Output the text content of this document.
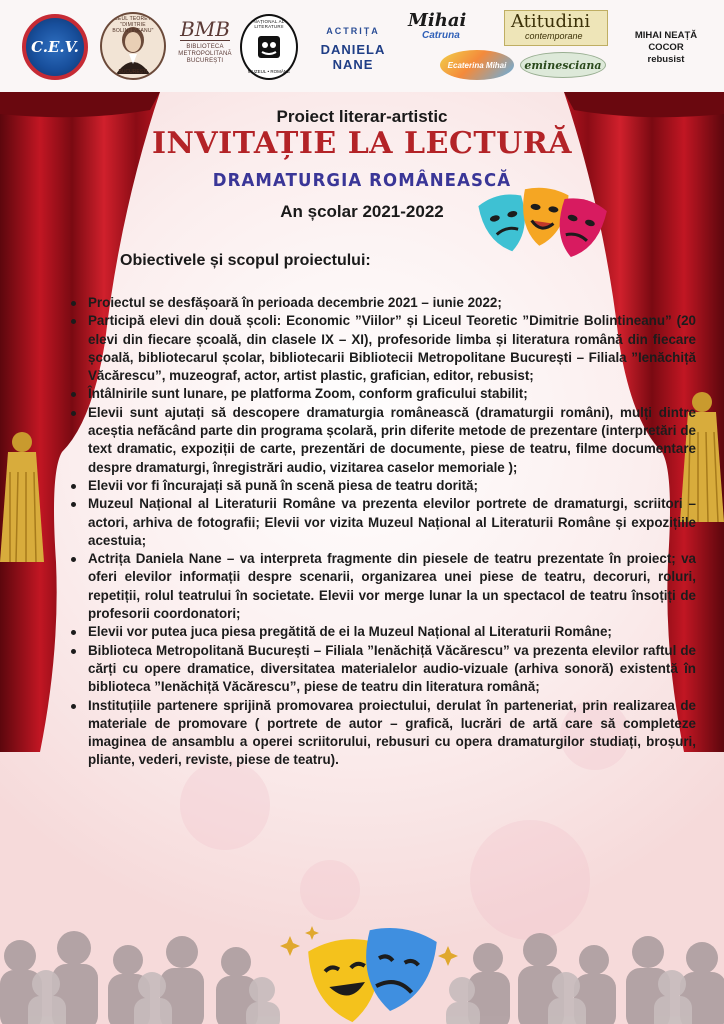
C.E.V.
LICEUL TEORETIC "DIMITRIE BOLINTINEANU"
BUCUREȘTI
BMB
BIBLIOTECA
METROPOLITANĂ
BUCUREȘTI
NAȚIONAL AL LITERATURII
MUZEUL • ROMÂNE
ACTRIȚA
DANIELA NANE
Mihai
Catruna
Ecaterina Mihai
Atitudini
contemporane
eminesciana
MIHAI NEAȚĂ
COCOR
rebusist
Proiect literar-artistic
INVITAȚIE LA LECTURĂ
DRAMATURGIA ROMÂNEASCĂ
An școlar 2021-2022
Obiectivele și scopul proiectului:
Proiectul se desfășoară în perioada decembrie 2021 – iunie 2022;
Participă elevi din două școli: Economic ”Viilor” și Liceul Teoretic ”Dimitrie Bolintineanu” (20 elevi din fiecare școală, din clasele IX – XI), profesoride limba și literatura română din fiecare școală, bibliotecarul școlar, bibliotecarii Bibliotecii Metropolitane București – Filiala ”Ienăchiță Văcărescu”, muzeograf, actor, artist plastic, grafician, editor, rebusist;
Întâlnirile sunt lunare, pe platforma Zoom, conform graficului stabilit;
Elevii sunt ajutați să descopere dramaturgia românească (dramaturgii români), mulți dintre aceștia nefăcând parte din programa școlară, prin diferite metode de prezentare (interpretări de text dramatic, expoziții de carte, prezentări de documente, piese de teatru, filme documentare despre dramaturgi, înregistrări audio, vizitarea caselor memoriale );
Elevii vor fi încurajați să pună în scenă piesa de teatru dorită;
Muzeul Național al Literaturii Române va prezenta elevilor portrete de dramaturgi, scriitori – actori, arhiva de fotografii; Elevii vor vizita Muzeul Național al Literaturii Române și expozițiile acestuia;
Actrița Daniela Nane – va interpreta fragmente din piesele de teatru prezentate în proiect; va oferi elevilor informații despre scenarii, organizarea unei piese de teatru, decoruri, roluri, repetiții, rolul teatrului în societate. Elevii vor merge lunar la un spectacol de teatru însoțiți de profesorii coordonatori;
Elevii vor putea juca piesa pregătită de ei la Muzeul Național al Literaturii Române;
Biblioteca Metropolitană București – Filiala ”Ienăchiță Văcărescu” va prezenta elevilor raftul de cărți cu opere dramatice, diversitatea materialelor audio-vizuale (arhiva sonoră) existentă în biblioteca ”Ienăchiță Văcărescu”, piese de teatru din literatura română;
Instituțiile partenere sprijină promovarea proiectului, derulat în parteneriat, prin realizarea de materiale de promovare ( portrete de autor – grafică, lucrări de artă care să completeze imaginea de ansamblu a operei scriitorului, rebusuri cu opera dramaturgilor studiați, broșuri, pliante, vederi, reviste, piese de teatru).
